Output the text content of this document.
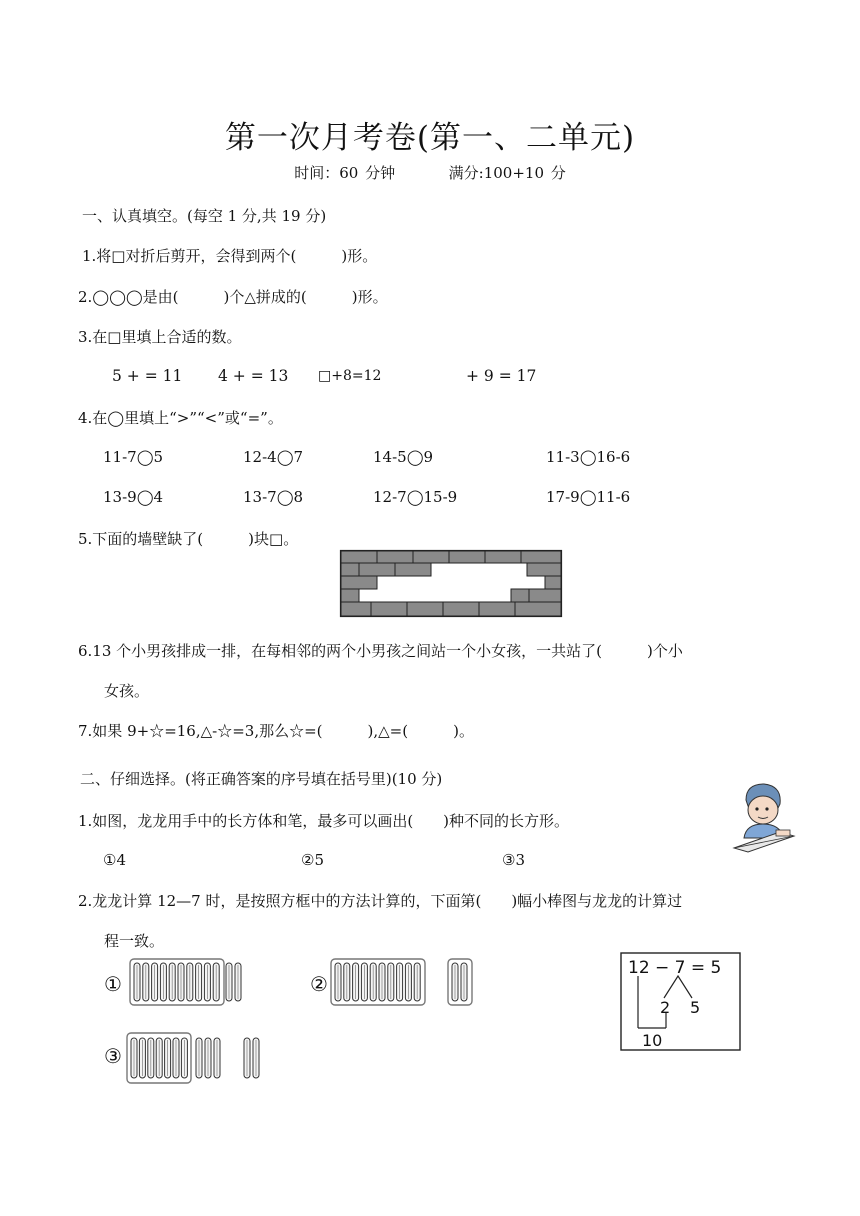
第一次月考卷(第一、二单元)
时间：60 分钟	满分:100+10 分
一、认真填空。(每空 1 分,共 19 分)
1.将□对折后剪开，会得到两个(　　　)形。
2.◯◯◯是由(　　　)个△拼成的(　　　)形。
3.在□里填上合适的数。
5 + = 11 4 + = 13 □+8=12	+ 9 = 17
4.在◯里填上“>”“<”或“=”。
11-7◯5	12-4◯7	14-5◯9	11-3◯16-6
13-9◯4	13-7◯8	12-7◯15-9	17-9◯11-6
5.下面的墙壁缺了(　　　)块□。
6.13 个小男孩排成一排，在每相邻的两个小男孩之间站一个小女孩，一共站了(　　　)个小
女孩。
7.如果 9+☆=16,△-☆=3,那么☆=(　　　),△=(　　　)。
二、仔细选择。(将正确答案的序号填在括号里)(10 分)
1.如图，龙龙用手中的长方体和笔，最多可以画出(　　)种不同的长方形。
①4	②5	③3
2.龙龙计算 12—7 时，是按照方框中的方法计算的，下面第(　　)幅小棒图与龙龙的计算过
程一致。
①	②
③
12 − 7 = 5
2 5
10
